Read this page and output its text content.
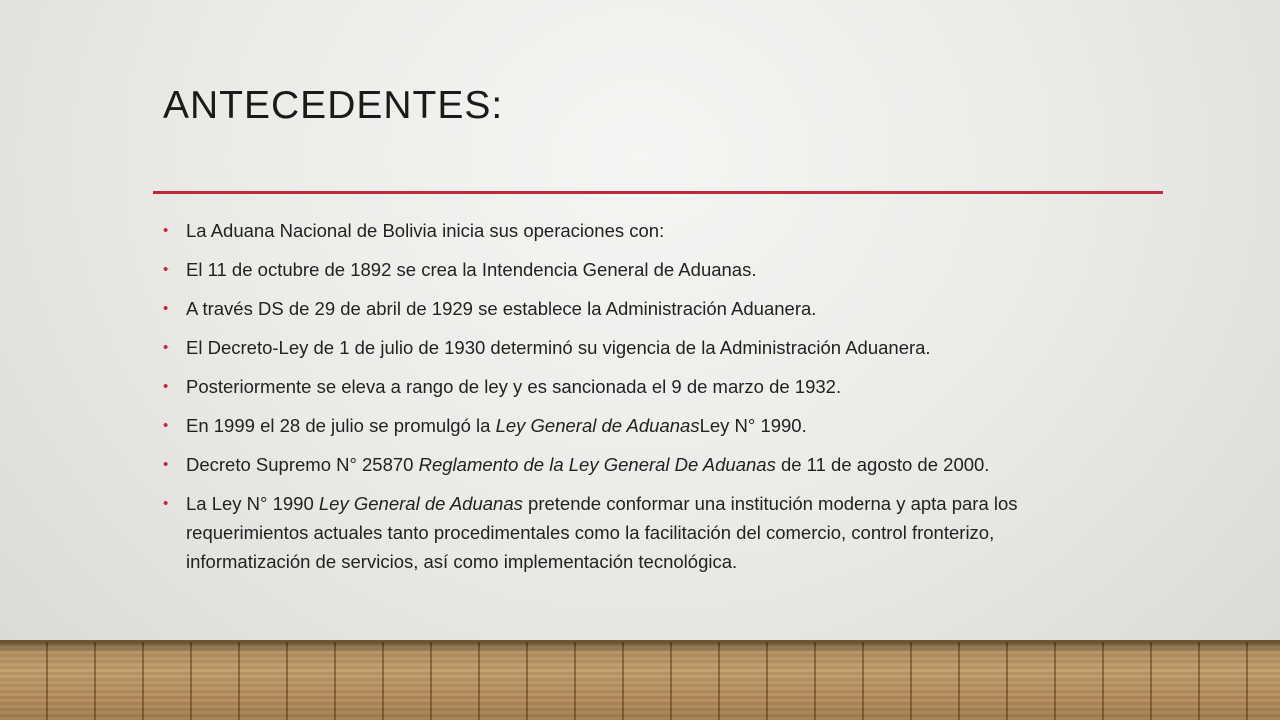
ANTECEDENTES:
• La Aduana Nacional de Bolivia inicia sus operaciones con:
• El 11 de octubre de 1892 se crea la Intendencia General de Aduanas.
• A través DS de 29 de abril de 1929 se establece la Administración Aduanera.
• El Decreto-Ley de 1 de julio de 1930 determinó su vigencia de la Administración Aduanera.
• Posteriormente se eleva a rango de ley y es sancionada el 9 de marzo de 1932.
• En 1999 el 28 de julio se promulgó la Ley General de AduanasLey N° 1990.
• Decreto Supremo N° 25870 Reglamento de la Ley General De Aduanas de 11 de agosto de 2000.
• La Ley N° 1990 Ley General de Aduanas pretende conformar una institución moderna y apta para los requerimientos actuales tanto procedimentales como la facilitación del comercio, control fronterizo, informatización de servicios, así como implementación tecnológica.
